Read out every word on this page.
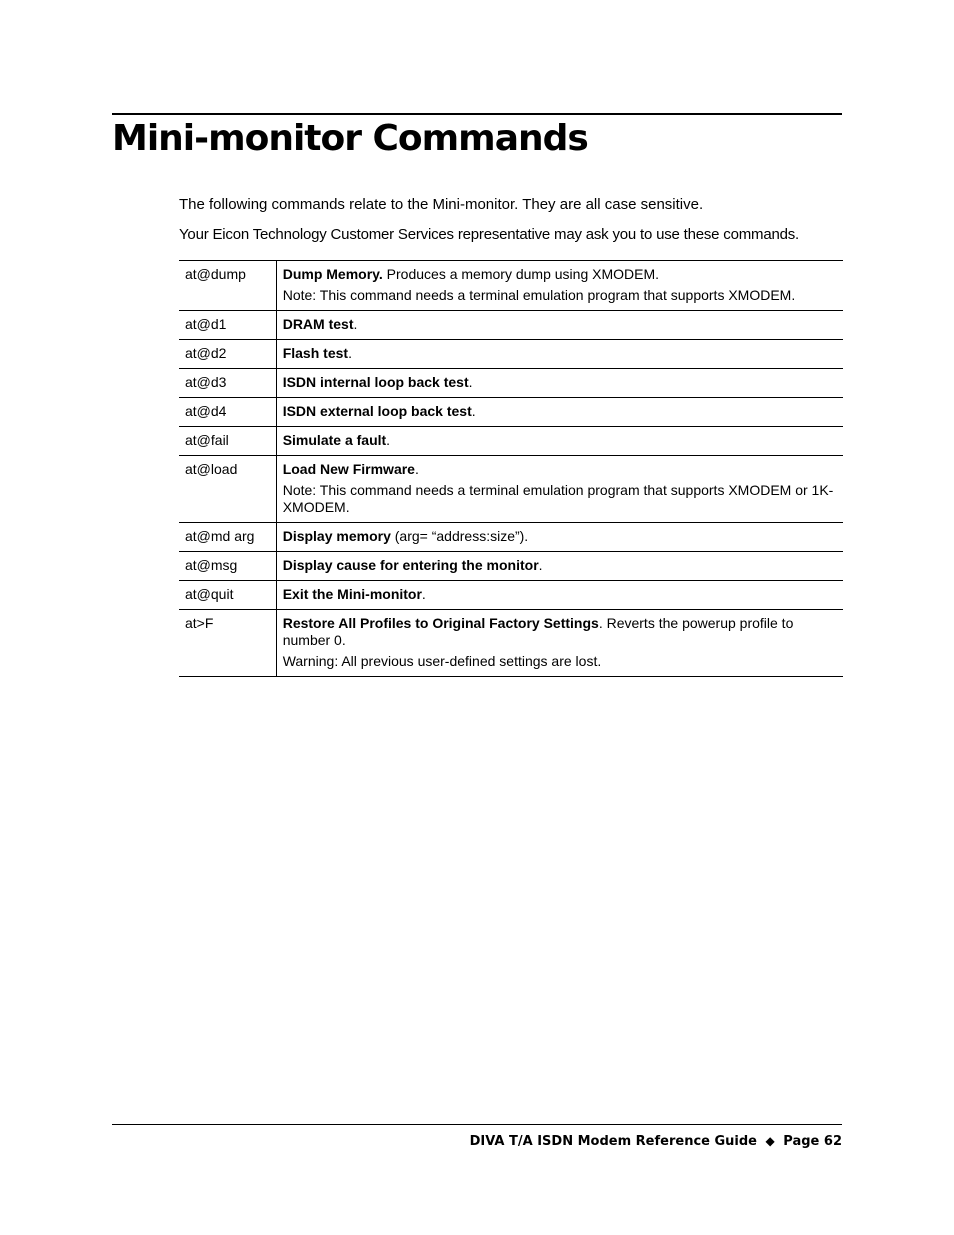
Mini-monitor Commands

The following commands relate to the Mini-monitor. They are all case sensitive.

Your Eicon Technology Customer Services representative may ask you to use these commands.

at@dump	Dump Memory. Produces a memory dump using XMODEM.
Note: This command needs a terminal emulation program that supports XMODEM.

at@d1	DRAM test.

at@d2	Flash test.

at@d3	ISDN internal loop back test.

at@d4	ISDN external loop back test.

at@fail	Simulate a fault.

at@load	Load New Firmware.
Note: This command needs a terminal emulation program that supports XMODEM or 1K-XMODEM.

at@md arg	Display memory (arg= “address:size”).

at@msg	Display cause for entering the monitor.

at@quit	Exit the Mini-monitor.

at>F	Restore All Profiles to Original Factory Settings. Reverts the powerup profile to number 0.
Warning: All previous user-defined settings are lost.
DIVA T/A ISDN Modem Reference Guide ◆ Page 62
